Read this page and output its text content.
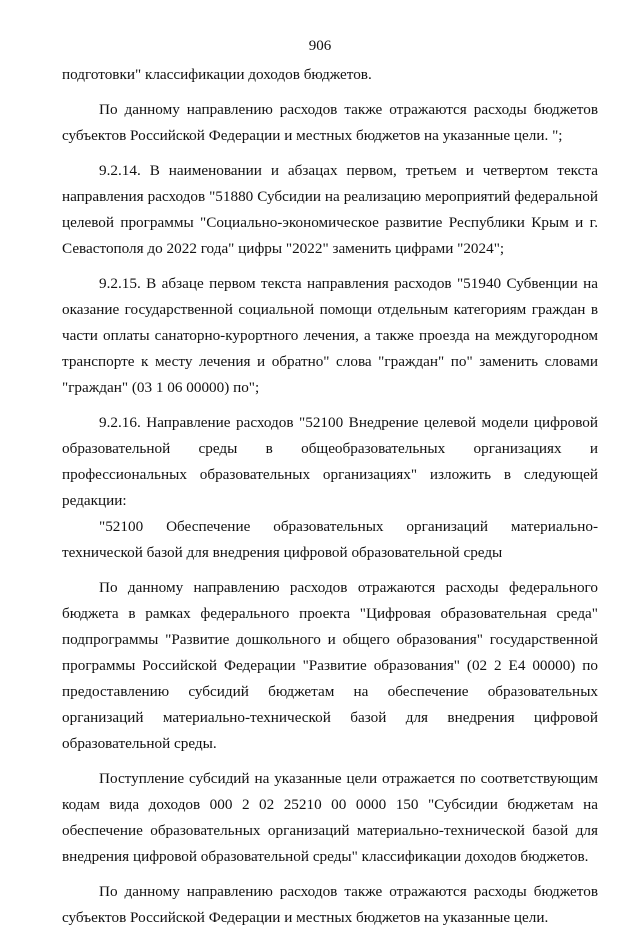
906

подготовки" классификации доходов бюджетов.

По данному направлению расходов также отражаются расходы бюджетов субъектов Российской Федерации и местных бюджетов на указанные цели. ";

9.2.14. В наименовании и абзацах первом, третьем и четвертом текста направления расходов "51880 Субсидии на реализацию мероприятий федеральной целевой программы "Социально-экономическое развитие Республики Крым и г. Севастополя до 2022 года" цифры "2022" заменить цифрами "2024";

9.2.15. В абзаце первом текста направления расходов "51940 Субвенции на оказание государственной социальной помощи отдельным категориям граждан в части оплаты санаторно-курортного лечения, а также проезда на междугородном транспорте к месту лечения и обратно" слова "граждан" по" заменить словами "граждан" (03 1 06 00000) по";

9.2.16. Направление расходов "52100 Внедрение целевой модели цифровой образовательной среды в общеобразовательных организациях и профессиональных образовательных организациях" изложить в следующей редакции:

"52100 Обеспечение образовательных организаций материально-технической базой для внедрения цифровой образовательной среды

По данному направлению расходов отражаются расходы федерального бюджета в рамках федерального проекта "Цифровая образовательная среда" подпрограммы "Развитие дошкольного и общего образования" государственной программы Российской Федерации "Развитие образования" (02 2 Е4 00000) по предоставлению субсидий бюджетам на обеспечение образовательных организаций материально-технической базой для внедрения цифровой образовательной среды.

Поступление субсидий на указанные цели отражается по соответствующим кодам вида доходов 000 2 02 25210 00 0000 150 "Субсидии бюджетам на обеспечение образовательных организаций материально-технической базой для внедрения цифровой образовательной среды" классификации доходов бюджетов.

По данному направлению расходов также отражаются расходы бюджетов субъектов Российской Федерации и местных бюджетов на указанные цели.
